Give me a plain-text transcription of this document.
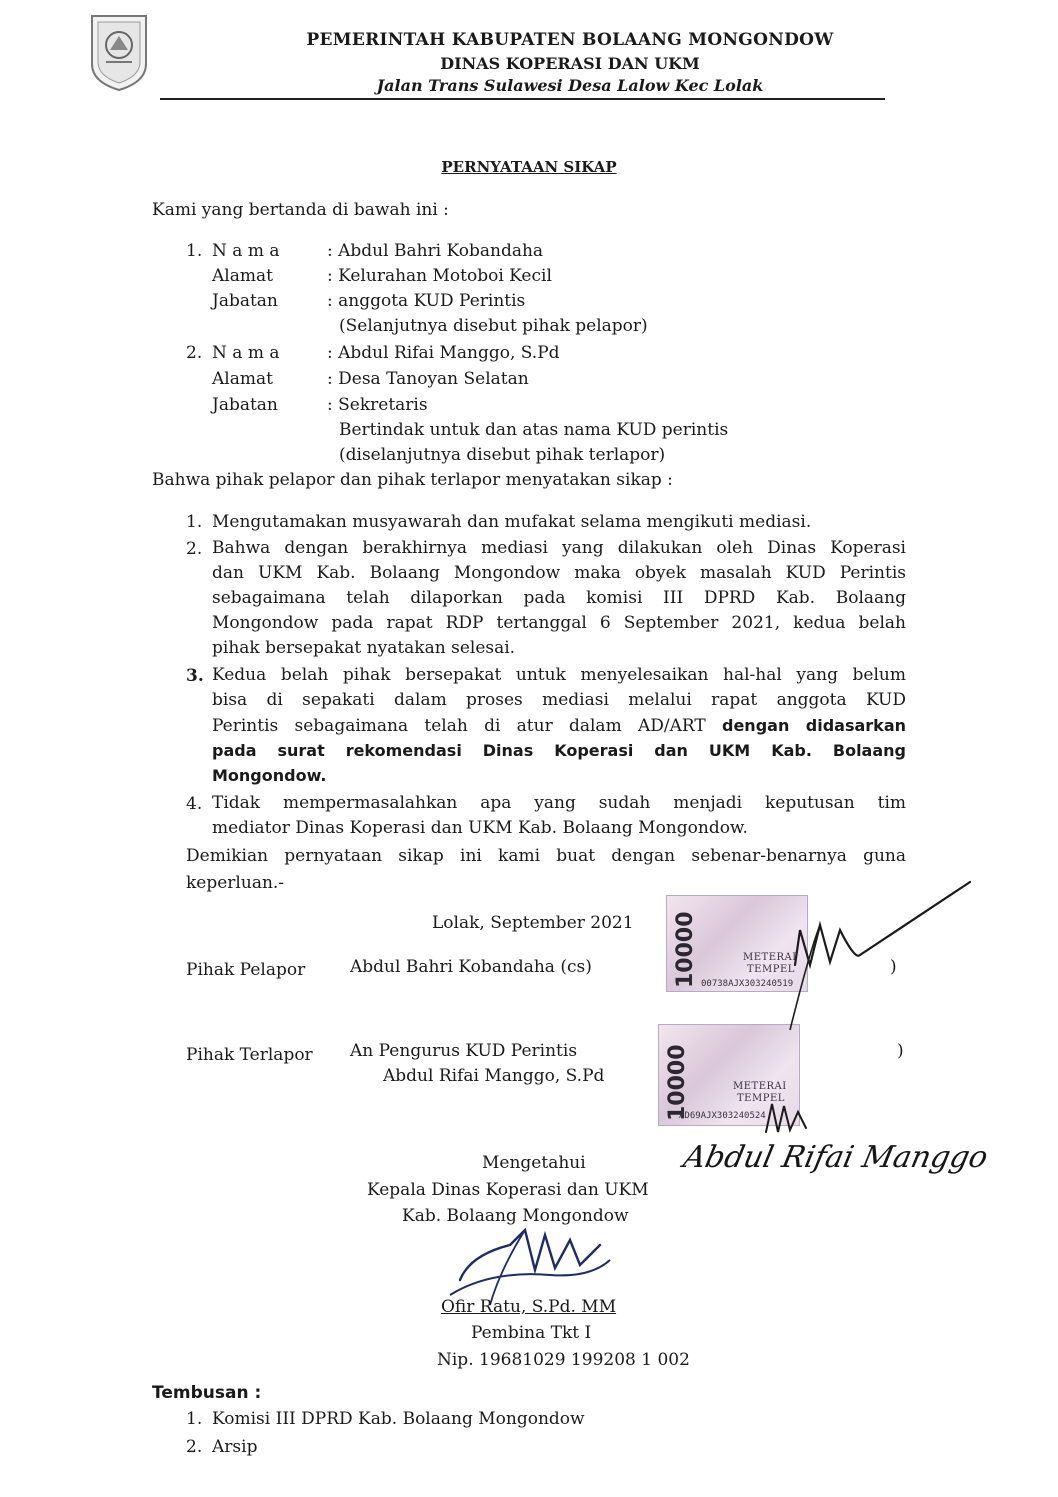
PEMERINTAH KABUPATEN BOLAANG MONGONDOW
DINAS KOPERASI DAN UKM
Jalan Trans Sulawesi Desa Lalow Kec Lolak
PERNYATAAN SIKAP
Kami yang bertanda di bawah ini :
1. N a m a	: Abdul Bahri Kobandaha
Alamat	: Kelurahan Motoboi Kecil
Jabatan	: anggota KUD Perintis
(Selanjutnya disebut pihak pelapor)
2. N a m a	: Abdul Rifai Manggo, S.Pd
Alamat	: Desa Tanoyan Selatan
Jabatan	: Sekretaris
Bertindak untuk dan atas nama KUD perintis
(diselanjutnya disebut pihak terlapor)
Bahwa pihak pelapor dan pihak terlapor menyatakan sikap :
1. Mengutamakan musyawarah dan mufakat selama mengikuti mediasi.
2. Bahwa dengan berakhirnya mediasi yang dilakukan oleh Dinas Koperasi
dan UKM Kab. Bolaang Mongondow maka obyek masalah KUD Perintis
sebagaimana telah dilaporkan pada komisi III DPRD Kab. Bolaang
Mongondow pada rapat RDP tertanggal 6 September 2021, kedua belah
pihak bersepakat nyatakan selesai.
3. Kedua belah pihak bersepakat untuk menyelesaikan hal-hal yang belum
bisa di sepakati dalam proses mediasi melalui rapat anggota KUD
Perintis sebagaimana telah di atur dalam AD/ART dengan didasarkan
pada surat rekomendasi Dinas Koperasi dan UKM Kab. Bolaang
Mongondow.
4. Tidak mempermasalahkan apa yang sudah menjadi keputusan tim
mediator Dinas Koperasi dan UKM Kab. Bolaang Mongondow.
Demikian pernyataan sikap ini kami buat dengan sebenar-benarnya guna
keperluan.-
Lolak, September 2021
Pihak Pelapor	Abdul Bahri Kobandaha (cs)	)
Pihak Terlapor An Pengurus KUD Perintis
Abdul Rifai Manggo, S.Pd
)
10000	METERAI
TEMPEL
00738AJX303240519
10000	METERAI
TEMPEL
AD69AJX303240524
Abdul Rifai Manggo
Mengetahui
Kepala Dinas Koperasi dan UKM
Kab. Bolaang Mongondow
Ofir Ratu, S.Pd. MM
Pembina Tkt I
Nip. 19681029 199208 1 002
Tembusan :
1. Komisi III DPRD Kab. Bolaang Mongondow
2. Arsip
